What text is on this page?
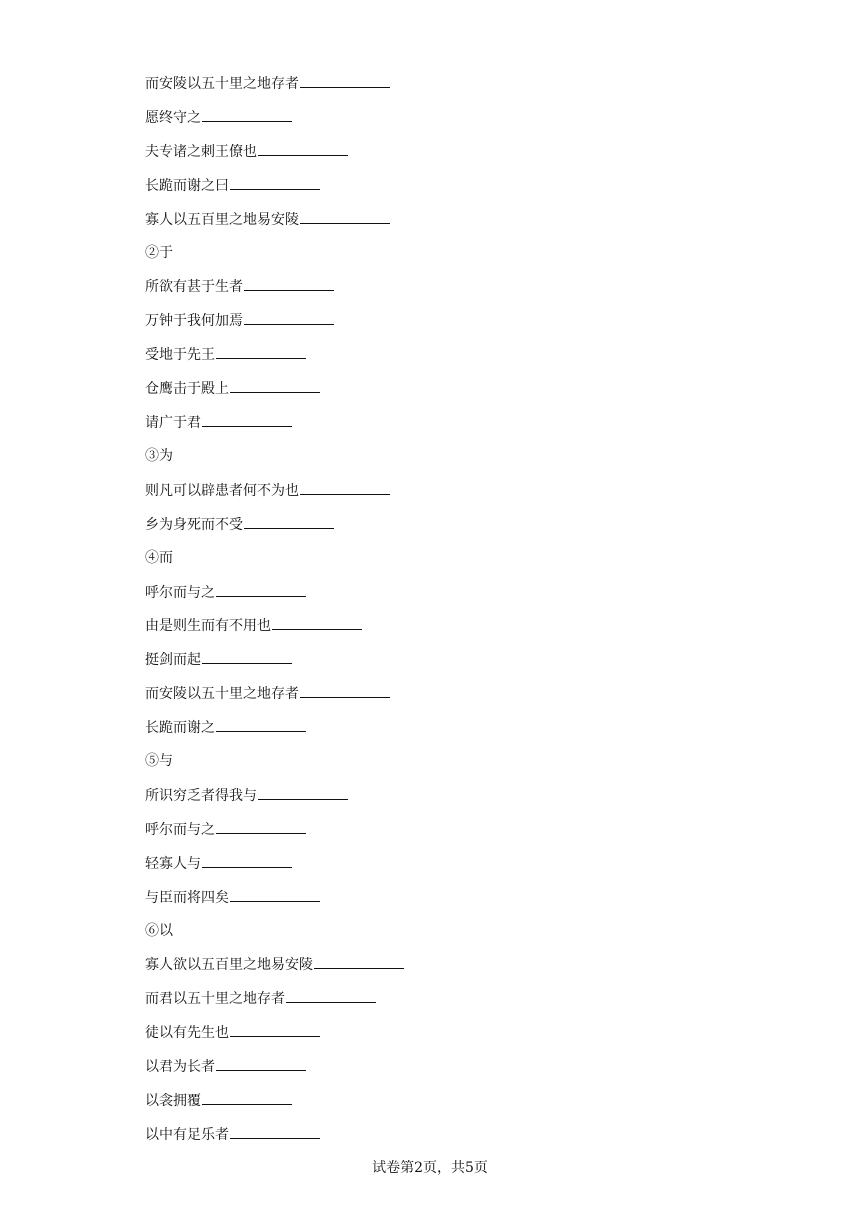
而安陵以五十里之地存者
愿终守之
夫专诸之刺王僚也
长跪而谢之曰
寡人以五百里之地易安陵
②于
所欲有甚于生者
万钟于我何加焉
受地于先王
仓鹰击于殿上
请广于君
③为
则凡可以辟患者何不为也
乡为身死而不受
④而
呼尔而与之
由是则生而有不用也
挺剑而起
而安陵以五十里之地存者
长跪而谢之
⑤与
所识穷乏者得我与
呼尔而与之
轻寡人与
与臣而将四矣
⑥以
寡人欲以五百里之地易安陵
而君以五十里之地存者
徒以有先生也
以君为长者
以衾拥覆
以中有足乐者
试卷第2页，共5页
